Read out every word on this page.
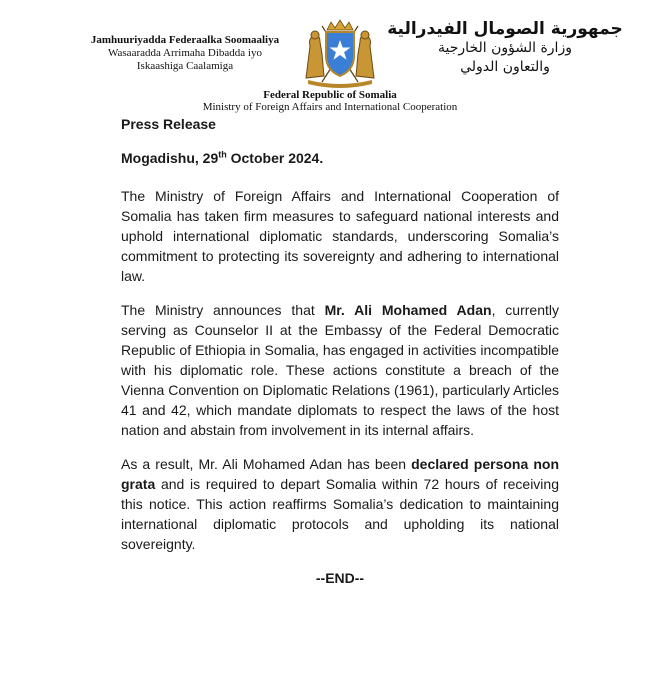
Jamhuuriyadda Federaalka Soomaaliya
Wasaaradda Arrimaha Dibadda iyo
Iskaashiga Caalamiga
جمهورية الصومال الفيدرالية
وزارة الشؤون الخارجية
والتعاون الدولي
Federal Republic of Somalia
Ministry of Foreign Affairs and International Cooperation
Press Release
Mogadishu, 29th October 2024.

The Ministry of Foreign Affairs and International Cooperation of Somalia has taken firm measures to safeguard national interests and uphold international diplomatic standards, underscoring Somalia’s commitment to protecting its sovereignty and adhering to international law.

The Ministry announces that Mr. Ali Mohamed Adan, currently serving as Counselor II at the Embassy of the Federal Democratic Republic of Ethiopia in Somalia, has engaged in activities incompatible with his diplomatic role. These actions constitute a breach of the Vienna Convention on Diplomatic Relations (1961), particularly Articles 41 and 42, which mandate diplomats to respect the laws of the host nation and abstain from involvement in its internal affairs.

As a result, Mr. Ali Mohamed Adan has been declared persona non grata and is required to depart Somalia within 72 hours of receiving this notice. This action reaffirms Somalia’s dedication to maintaining international diplomatic protocols and upholding its national sovereignty.

--END--
